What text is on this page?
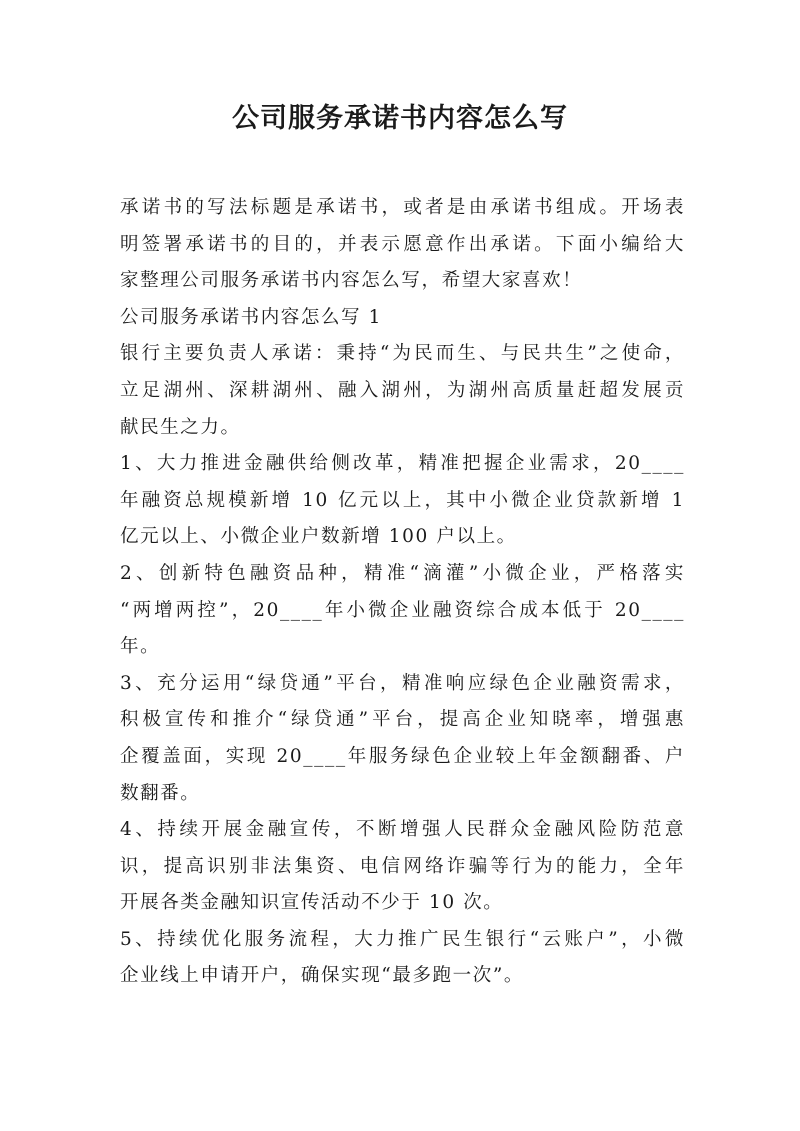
公司服务承诺书内容怎么写

承诺书的写法标题是承诺书，或者是由承诺书组成。开场表
明签署承诺书的目的，并表示愿意作出承诺。下面小编给大
家整理公司服务承诺书内容怎么写，希望大家喜欢！

公司服务承诺书内容怎么写 1

银行主要负责人承诺：秉持“为民而生、与民共生”之使命，
立足湖州、深耕湖州、融入湖州，为湖州高质量赶超发展贡
献民生之力。

1、大力推进金融供给侧改革，精准把握企业需求，20____
年融资总规模新增 10 亿元以上，其中小微企业贷款新增 1
亿元以上、小微企业户数新增 100 户以上。

2、创新特色融资品种，精准“滴灌”小微企业，严格落实
“两增两控”，20____年小微企业融资综合成本低于 20____
年。

3、充分运用“绿贷通”平台，精准响应绿色企业融资需求，
积极宣传和推介“绿贷通”平台，提高企业知晓率，增强惠
企覆盖面，实现 20____年服务绿色企业较上年金额翻番、户
数翻番。

4、持续开展金融宣传，不断增强人民群众金融风险防范意
识，提高识别非法集资、电信网络诈骗等行为的能力，全年
开展各类金融知识宣传活动不少于 10 次。

5、持续优化服务流程，大力推广民生银行“云账户”，小微
企业线上申请开户，确保实现“最多跑一次”。
